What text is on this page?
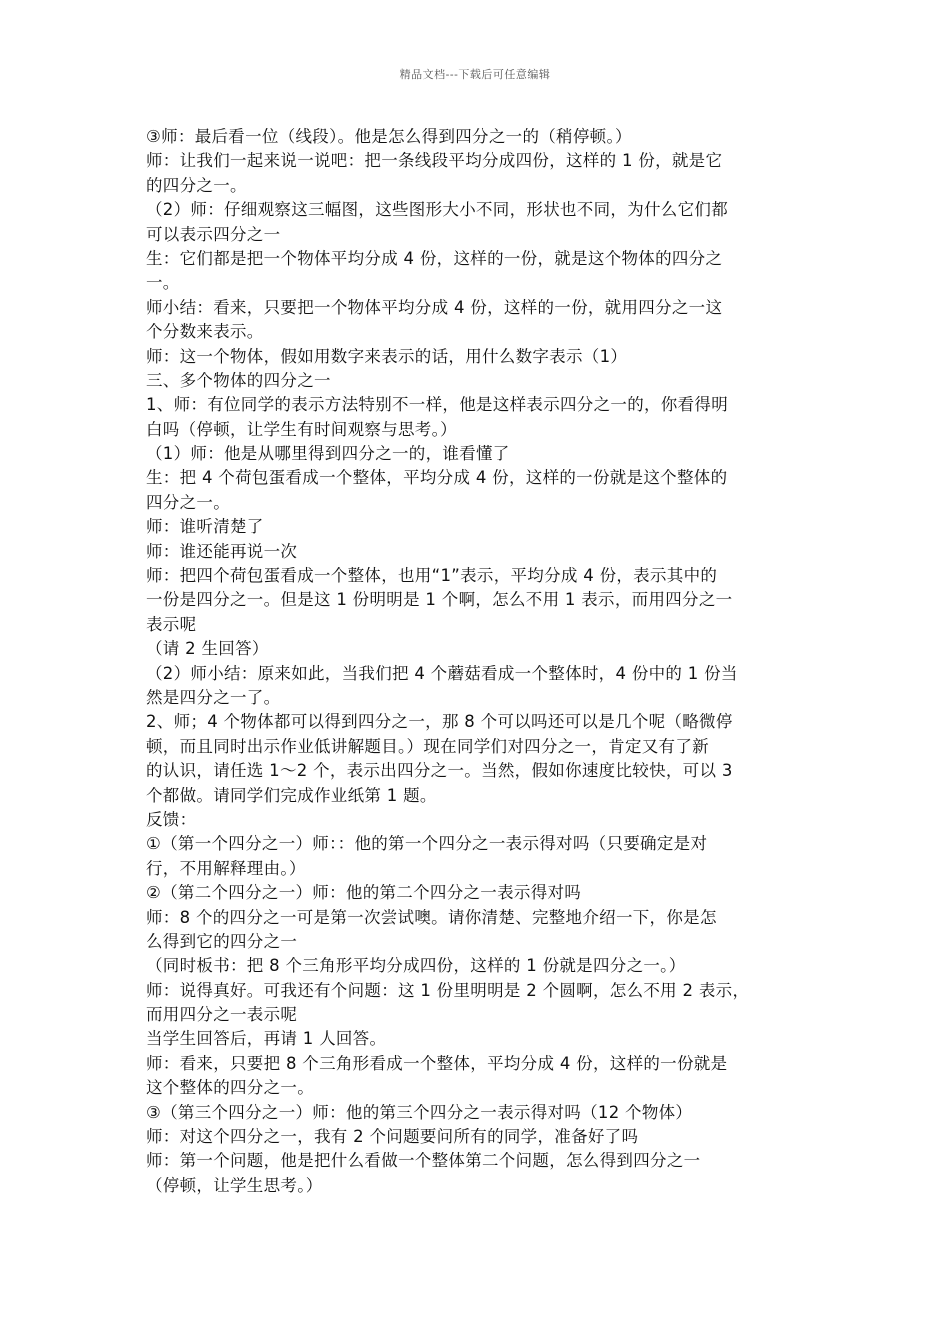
精品文档---下载后可任意编辑
③师：最后看一位（线段）。他是怎么得到四分之一的（稍停顿。）
师：让我们一起来说一说吧：把一条线段平均分成四份，这样的 1 份，就是它
的四分之一。
（2）师：仔细观察这三幅图，这些图形大小不同，形状也不同，为什么它们都
可以表示四分之一
生：它们都是把一个物体平均分成 4 份，这样的一份，就是这个物体的四分之
一。
师小结：看来，只要把一个物体平均分成 4 份，这样的一份，就用四分之一这
个分数来表示。
师：这一个物体，假如用数字来表示的话，用什么数字表示（1）
三、多个物体的四分之一
1、师：有位同学的表示方法特别不一样，他是这样表示四分之一的，你看得明
白吗（停顿，让学生有时间观察与思考。）
（1）师：他是从哪里得到四分之一的，谁看懂了
生：把 4 个荷包蛋看成一个整体，平均分成 4 份，这样的一份就是这个整体的
四分之一。
师：谁听清楚了
师：谁还能再说一次
师：把四个荷包蛋看成一个整体，也用“1”表示，平均分成 4 份，表示其中的
一份是四分之一。但是这 1 份明明是 1 个啊，怎么不用 1 表示，而用四分之一
表示呢
（请 2 生回答）
（2）师小结：原来如此，当我们把 4 个蘑菇看成一个整体时，4 份中的 1 份当
然是四分之一了。
2、师；4 个物体都可以得到四分之一，那 8 个可以吗还可以是几个呢（略微停
顿，而且同时出示作业低讲解题目。）现在同学们对四分之一，肯定又有了新
的认识，请任选 1～2 个，表示出四分之一。当然，假如你速度比较快，可以 3
个都做。请同学们完成作业纸第 1 题。
反馈：
①（第一个四分之一）师：：他的第一个四分之一表示得对吗（只要确定是对
行，不用解释理由。）
②（第二个四分之一）师：他的第二个四分之一表示得对吗
师：8 个的四分之一可是第一次尝试噢。请你清楚、完整地介绍一下，你是怎
么得到它的四分之一
（同时板书：把 8 个三角形平均分成四份，这样的 1 份就是四分之一。）
师：说得真好。可我还有个问题：这 1 份里明明是 2 个圆啊，怎么不用 2 表示，
而用四分之一表示呢
当学生回答后，再请 1 人回答。
师：看来，只要把 8 个三角形看成一个整体，平均分成 4 份，这样的一份就是
这个整体的四分之一。
③（第三个四分之一）师：他的第三个四分之一表示得对吗（12 个物体）
师：对这个四分之一，我有 2 个问题要问所有的同学，准备好了吗
师：第一个问题，他是把什么看做一个整体第二个问题，怎么得到四分之一
（停顿，让学生思考。）
